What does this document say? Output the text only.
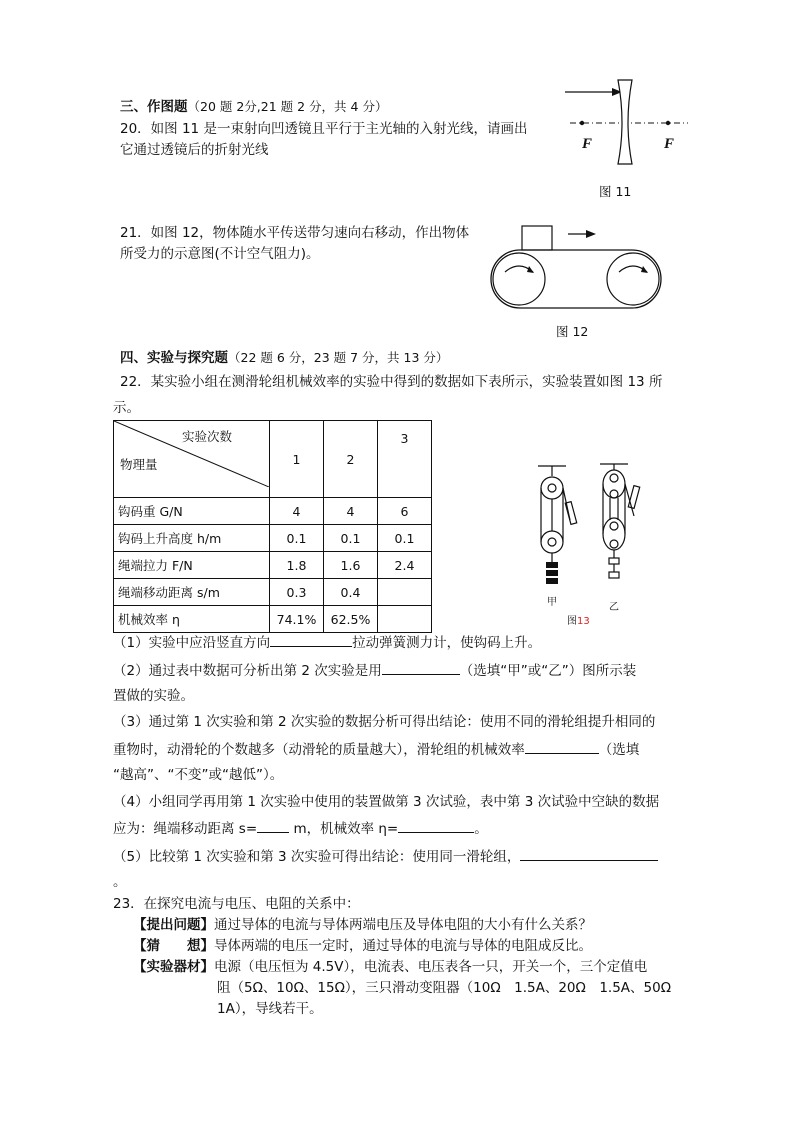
三、作图题（20 题 2分,21 题 2 分，共 4 分）
20．如图 11 是一束射向凹透镜且平行于主光轴的入射光线，请画出
它通过透镜后的折射光线	F	F
图 11
21．如图 12，物体随水平传送带匀速向右移动，作出物体
所受力的示意图(不计空气阻力)。
图 12
四、实验与探究题（22 题 6 分，23 题 7 分，共 13 分）
22．某实验小组在测滑轮组机械效率的实验中得到的数据如下表所示，实验装置如图 13 所
示。
实验次数
物理量	1	2	3
钩码重 G/N	4	4	6
钩码上升高度 h/m	0.1	0.1	0.1
绳端拉力 F/N	1.8	1.6	2.4
绳端移动距离 s/m	0.3	0.4	
机械效率 η	74.1%	62.5%	
甲	乙
图13
（1）实验中应沿竖直方向	拉动弹簧测力计，使钩码上升。
（2）通过表中数据可分析出第 2 次实验是用	（选填“甲”或“乙”）图所示装
置做的实验。
（3）通过第 1 次实验和第 2 次实验的数据分析可得出结论：使用不同的滑轮组提升相同的
重物时，动滑轮的个数越多（动滑轮的质量越大），滑轮组的机械效率	（选填
“越高”、“不变”或“越低”）。
（4）小组同学再用第 1 次实验中使用的装置做第 3 次试验，表中第 3 次试验中空缺的数据
应为：绳端移动距离 s=	m，机械效率 η=	。
（5）比较第 1 次实验和第 3 次实验可得出结论：使用同一滑轮组，
。
23．在探究电流与电压、电阻的关系中：
【提出问题】通过导体的电流与导体两端电压及导体电阻的大小有什么关系？
【猜　　想】导体两端的电压一定时，通过导体的电流与导体的电阻成反比。
【实验器材】电源（电压恒为 4.5V），电流表、电压表各一只，开关一个，三个定值电
阻（5Ω、10Ω、15Ω），三只滑动变阻器（10Ω　1.5A、20Ω　1.5A、50Ω
1A），导线若干。
